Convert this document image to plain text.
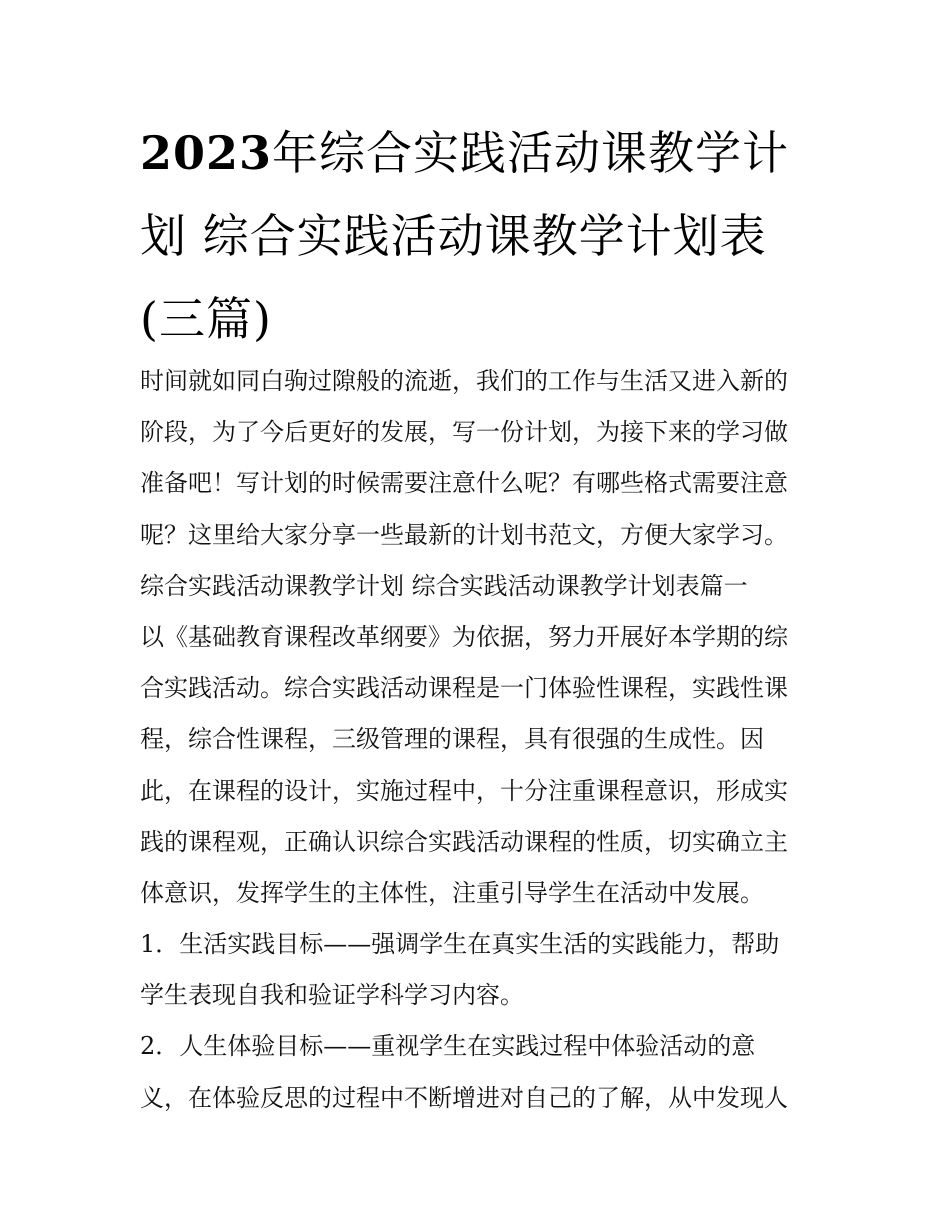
2023年综合实践活动课教学计
划 综合实践活动课教学计划表
(三篇)
时间就如同白驹过隙般的流逝，我们的工作与生活又进入新的
阶段，为了今后更好的发展，写一份计划，为接下来的学习做
准备吧！写计划的时候需要注意什么呢？有哪些格式需要注意
呢？这里给大家分享一些最新的计划书范文，方便大家学习。
综合实践活动课教学计划 综合实践活动课教学计划表篇一
以《基础教育课程改革纲要》为依据，努力开展好本学期的综
合实践活动。综合实践活动课程是一门体验性课程，实践性课
程，综合性课程，三级管理的课程，具有很强的生成性。因
此，在课程的设计，实施过程中，十分注重课程意识，形成实
践的课程观，正确认识综合实践活动课程的性质，切实确立主
体意识，发挥学生的主体性，注重引导学生在活动中发展。
1．生活实践目标——强调学生在真实生活的实践能力，帮助
学生表现自我和验证学科学习内容。
2．人生体验目标——重视学生在实践过程中体验活动的意
义，在体验反思的过程中不断增进对自己的了解，从中发现人
